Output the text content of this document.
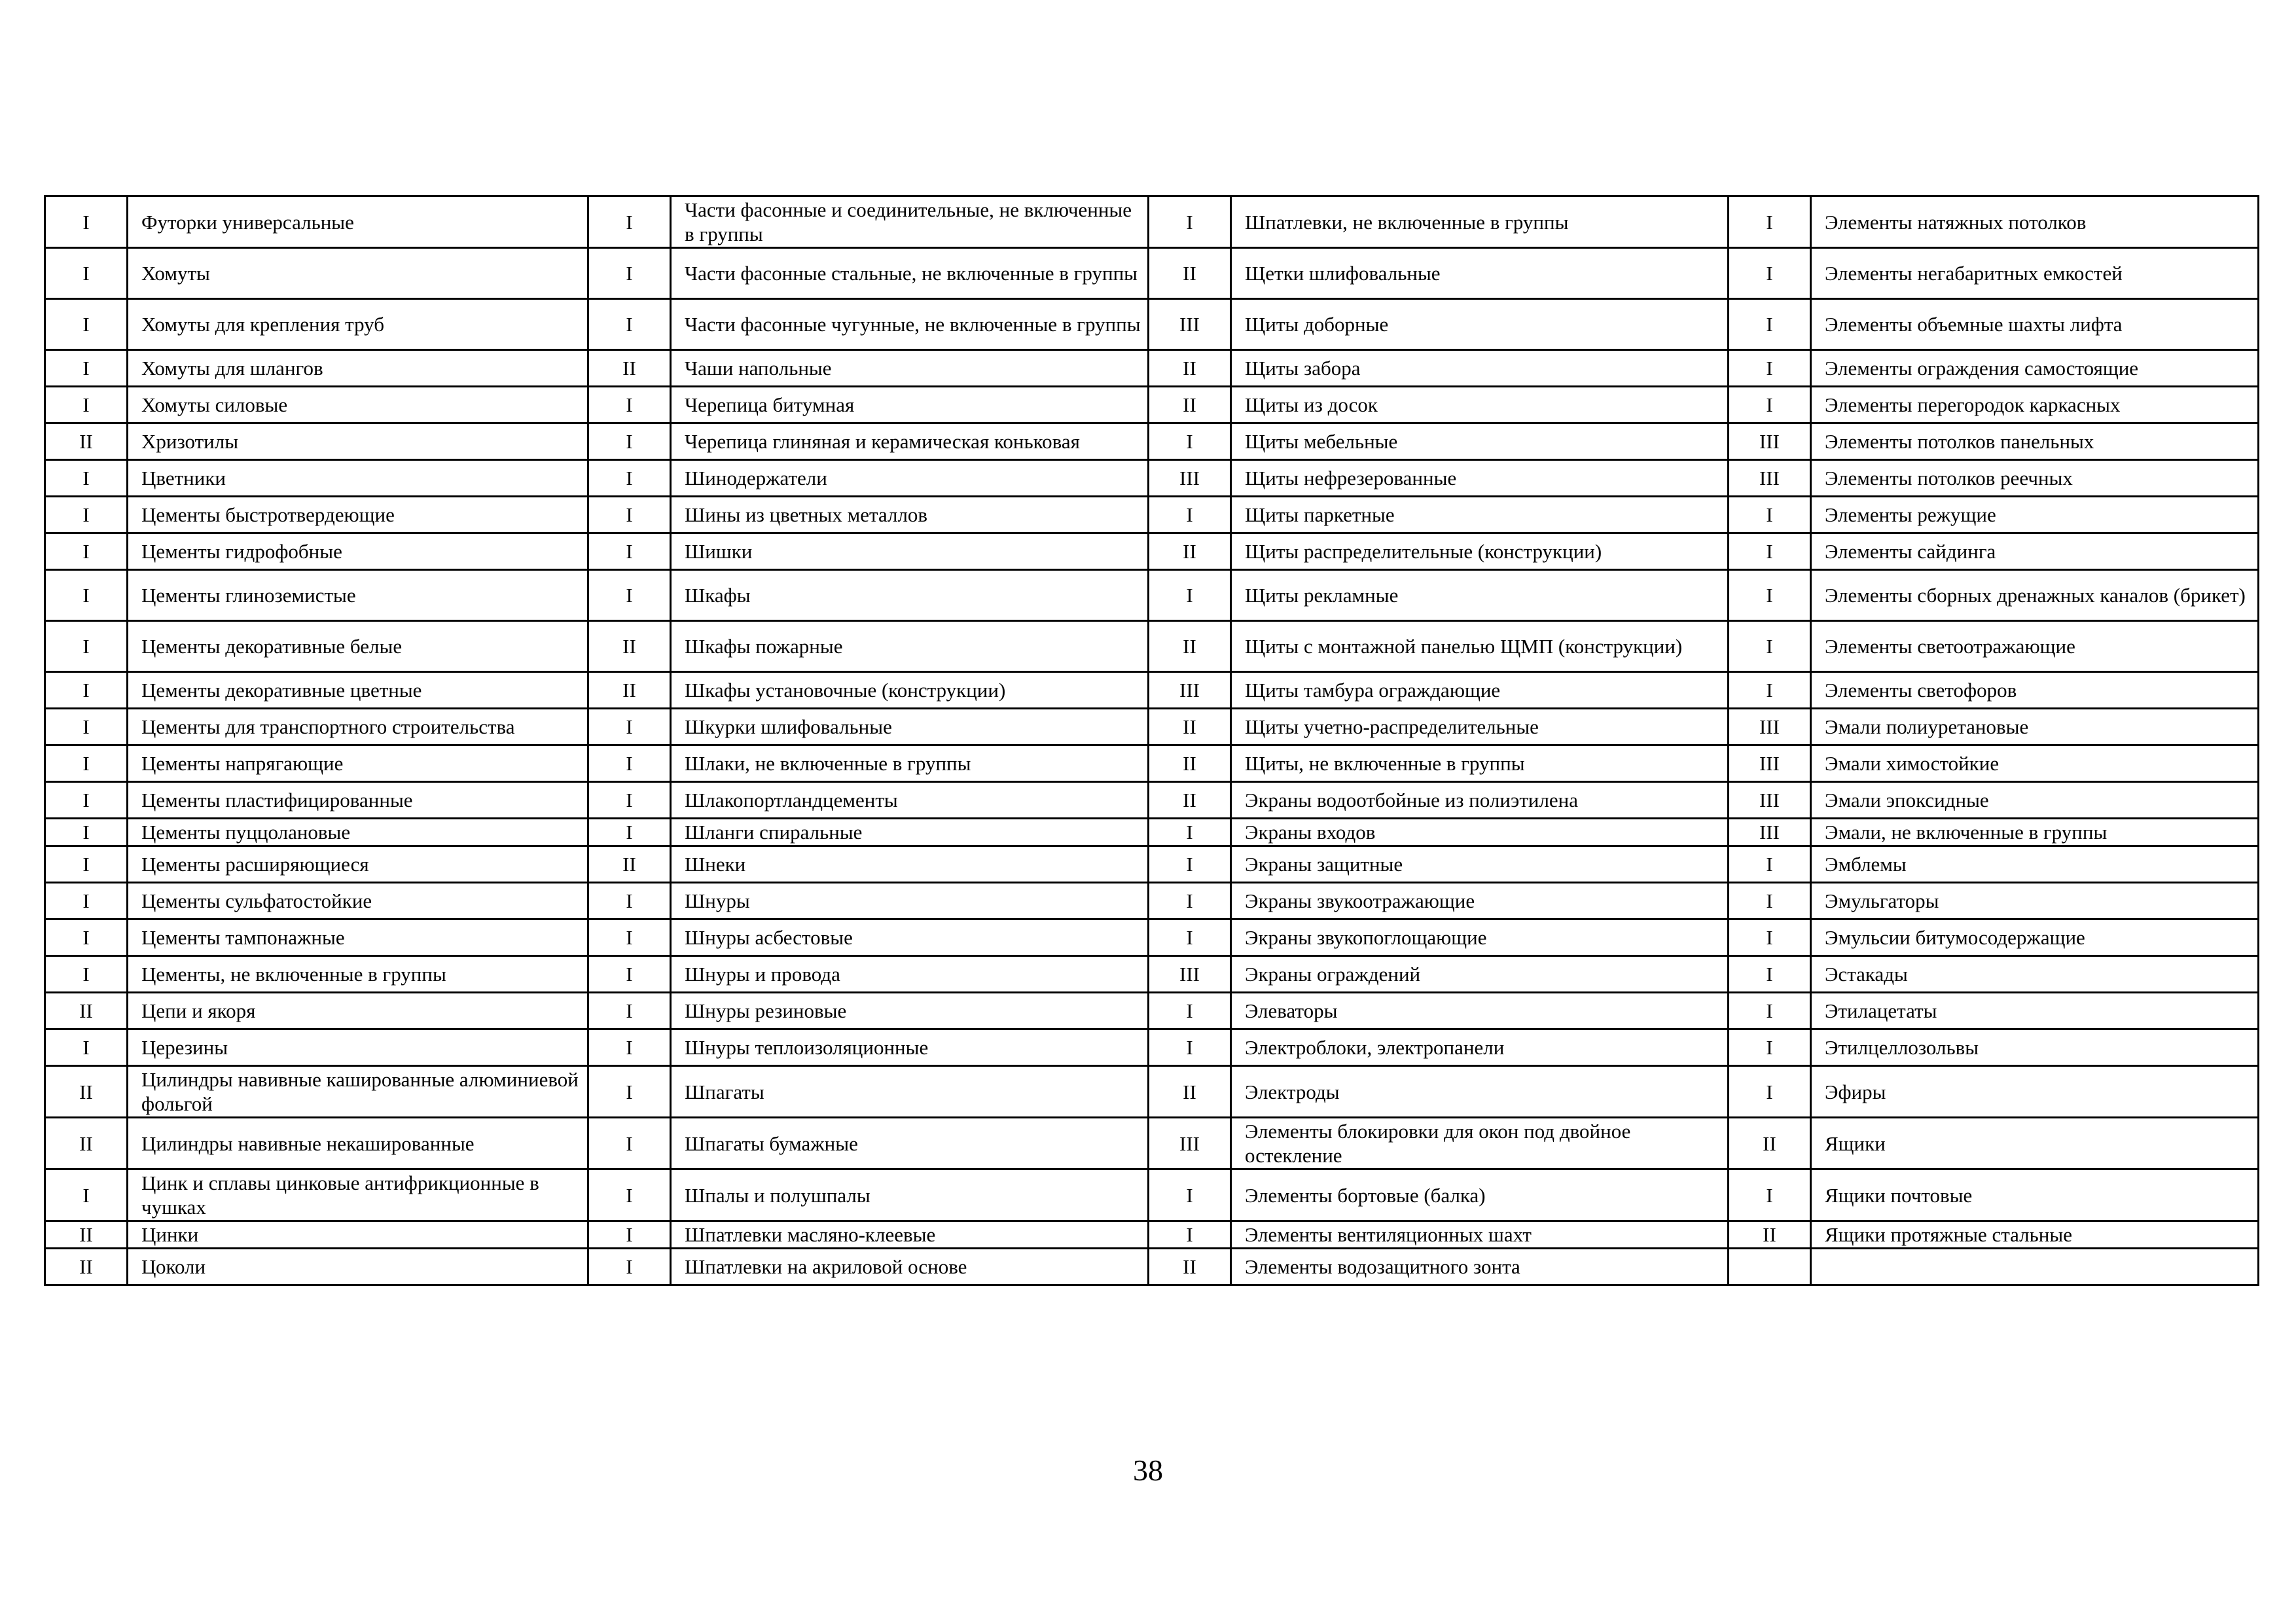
I	Футорки универсальные	I	Части фасонные и соединительные, не включенные в группы	I	Шпатлевки, не включенные в группы	I	Элементы натяжных потолков
I	Хомуты	I	Части фасонные стальные, не включенные в группы	II	Щетки шлифовальные	I	Элементы негабаритных емкостей
I	Хомуты для крепления труб	I	Части фасонные чугунные, не включенные в группы	III	Щиты доборные	I	Элементы объемные шахты лифта
I	Хомуты для шлангов	II	Чаши напольные	II	Щиты забора	I	Элементы ограждения самостоящие
I	Хомуты силовые	I	Черепица битумная	II	Щиты из досок	I	Элементы перегородок каркасных
II	Хризотилы	I	Черепица глиняная и керамическая коньковая	I	Щиты мебельные	III	Элементы потолков панельных
I	Цветники	I	Шинодержатели	III	Щиты нефрезерованные	III	Элементы потолков реечных
I	Цементы быстротвердеющие	I	Шины из цветных металлов	I	Щиты паркетные	I	Элементы режущие
I	Цементы гидрофобные	I	Шишки	II	Щиты распределительные (конструкции)	I	Элементы сайдинга
I	Цементы глиноземистые	I	Шкафы	I	Щиты рекламные	I	Элементы сборных дренажных каналов (брикет)
I	Цементы декоративные белые	II	Шкафы пожарные	II	Щиты с монтажной панелью ЩМП (конструкции)	I	Элементы светоотражающие
I	Цементы декоративные цветные	II	Шкафы установочные (конструкции)	III	Щиты тамбура ограждающие	I	Элементы светофоров
I	Цементы для транспортного строительства	I	Шкурки шлифовальные	II	Щиты учетно-распределительные	III	Эмали полиуретановые
I	Цементы напрягающие	I	Шлаки, не включенные в группы	II	Щиты, не включенные в группы	III	Эмали химостойкие
I	Цементы пластифицированные	I	Шлакопортландцементы	II	Экраны водоотбойные из полиэтилена	III	Эмали эпоксидные
I	Цементы пуццолановые	I	Шланги спиральные	I	Экраны входов	III	Эмали, не включенные в группы
I	Цементы расширяющиеся	II	Шнеки	I	Экраны защитные	I	Эмблемы
I	Цементы сульфатостойкие	I	Шнуры	I	Экраны звукоотражающие	I	Эмульгаторы
I	Цементы тампонажные	I	Шнуры асбестовые	I	Экраны звукопоглощающие	I	Эмульсии битумосодержащие
I	Цементы, не включенные в группы	I	Шнуры и провода	III	Экраны ограждений	I	Эстакады
II	Цепи и якоря	I	Шнуры резиновые	I	Элеваторы	I	Этилацетаты
I	Церезины	I	Шнуры теплоизоляционные	I	Электроблоки, электропанели	I	Этилцеллозольвы
II	Цилиндры навивные кашированные алюминиевой фольгой	I	Шпагаты	II	Электроды	I	Эфиры
II	Цилиндры навивные некашированные	I	Шпагаты бумажные	III	Элементы блокировки для окон под двойное остекление	II	Ящики
I	Цинк и сплавы цинковые антифрикционные в чушках	I	Шпалы и полушпалы	I	Элементы бортовые (балка)	I	Ящики почтовые
II	Цинки	I	Шпатлевки масляно-клеевые	I	Элементы вентиляционных шахт	II	Ящики протяжные стальные
II	Цоколи	I	Шпатлевки на акриловой основе	II	Элементы водозащитного зонта		
38
